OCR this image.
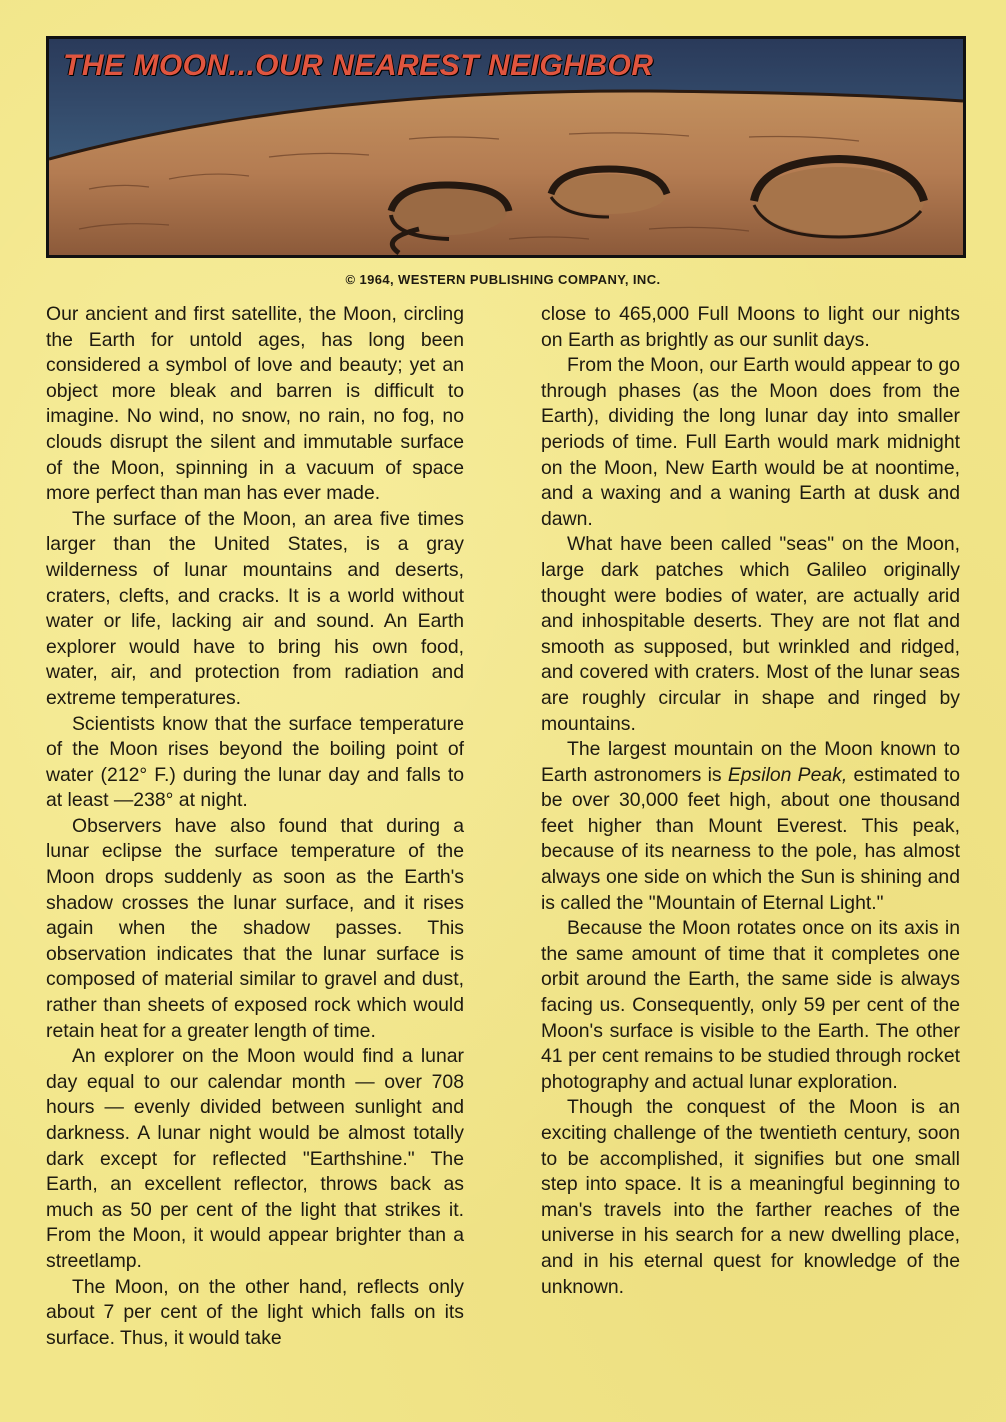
THE MOON...OUR NEAREST NEIGHBOR
© 1964, WESTERN PUBLISHING COMPANY, INC.

Our ancient and first satellite, the Moon, circling the Earth for untold ages, has long been considered a symbol of love and beauty; yet an object more bleak and barren is difficult to imagine. No wind, no snow, no rain, no fog, no clouds disrupt the silent and immutable surface of the Moon, spinning in a vacuum of space more perfect than man has ever made.

The surface of the Moon, an area five times larger than the United States, is a gray wilderness of lunar mountains and deserts, craters, clefts, and cracks. It is a world without water or life, lacking air and sound. An Earth explorer would have to bring his own food, water, air, and protection from radiation and extreme temperatures.

Scientists know that the surface temperature of the Moon rises beyond the boiling point of water (212° F.) during the lunar day and falls to at least —238° at night.

Observers have also found that during a lunar eclipse the surface temperature of the Moon drops suddenly as soon as the Earth's shadow crosses the lunar surface, and it rises again when the shadow passes. This observation indicates that the lunar surface is composed of material similar to gravel and dust, rather than sheets of exposed rock which would retain heat for a greater length of time.

An explorer on the Moon would find a lunar day equal to our calendar month — over 708 hours — evenly divided between sunlight and darkness. A lunar night would be almost totally dark except for reflected "Earthshine." The Earth, an excellent reflector, throws back as much as 50 per cent of the light that strikes it. From the Moon, it would appear brighter than a streetlamp.

The Moon, on the other hand, reflects only about 7 per cent of the light which falls on its surface. Thus, it would take

close to 465,000 Full Moons to light our nights on Earth as brightly as our sunlit days.

From the Moon, our Earth would appear to go through phases (as the Moon does from the Earth), dividing the long lunar day into smaller periods of time. Full Earth would mark midnight on the Moon, New Earth would be at noontime, and a waxing and a waning Earth at dusk and dawn.

What have been called "seas" on the Moon, large dark patches which Galileo originally thought were bodies of water, are actually arid and inhospitable deserts. They are not flat and smooth as supposed, but wrinkled and ridged, and covered with craters. Most of the lunar seas are roughly circular in shape and ringed by mountains.

The largest mountain on the Moon known to Earth astronomers is Epsilon Peak, estimated to be over 30,000 feet high, about one thousand feet higher than Mount Everest. This peak, because of its nearness to the pole, has almost always one side on which the Sun is shining and is called the "Mountain of Eternal Light."

Because the Moon rotates once on its axis in the same amount of time that it completes one orbit around the Earth, the same side is always facing us. Consequently, only 59 per cent of the Moon's surface is visible to the Earth. The other 41 per cent remains to be studied through rocket photography and actual lunar exploration.

Though the conquest of the Moon is an exciting challenge of the twentieth century, soon to be accomplished, it signifies but one small step into space. It is a meaningful beginning to man's travels into the farther reaches of the universe in his search for a new dwelling place, and in his eternal quest for knowledge of the unknown.
